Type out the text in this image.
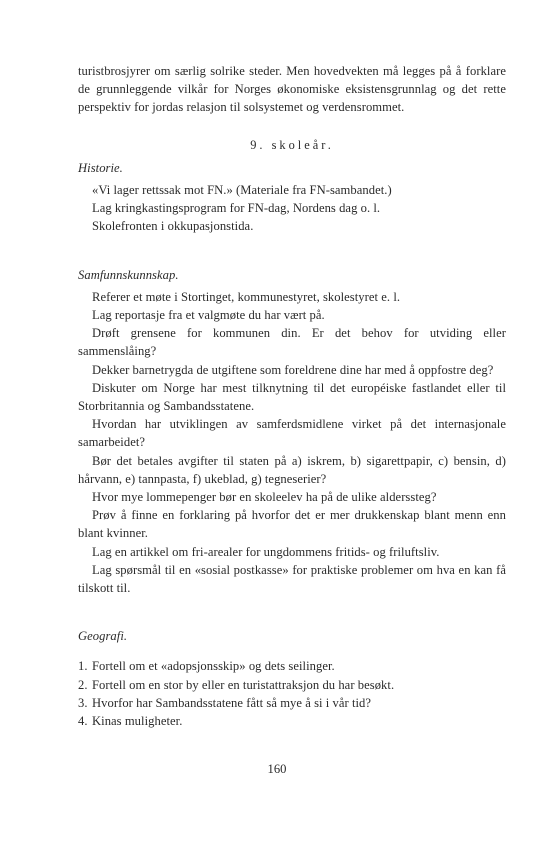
turistbrosjyrer om særlig solrike steder. Men hovedvekten må legges på å forklare de grunnleggende vilkår for Norges økonomiske eksistensgrunnlag og det rette perspektiv for jordas relasjon til solsystemet og verdensrommet.

9. skoleår.
Historie.

«Vi lager rettssak mot FN.» (Materiale fra FN-sambandet.)

Lag kringkastingsprogram for FN-dag, Nordens dag o. l.

Skolefronten i okkupasjonstida.

Samfunnskunnskap.

Referer et møte i Stortinget, kommunestyret, skolestyret e. l.

Lag reportasje fra et valgmøte du har vært på.

Drøft grensene for kommunen din. Er det behov for utviding eller sammenslåing?

Dekker barnetrygda de utgiftene som foreldrene dine har med å oppfostre deg?

Diskuter om Norge har mest tilknytning til det européiske fastlandet eller til Storbritannia og Sambandsstatene.

Hvordan har utviklingen av samferdsmidlene virket på det internasjonale samarbeidet?

Bør det betales avgifter til staten på a) iskrem, b) sigarettpapir, c) bensin, d) hårvann, e) tannpasta, f) ukeblad, g) tegneserier?

Hvor mye lommepenger bør en skoleelev ha på de ulike alderssteg?

Prøv å finne en forklaring på hvorfor det er mer drukkenskap blant menn enn blant kvinner.

Lag en artikkel om fri-arealer for ungdommens fritids- og friluftsliv.

Lag spørsmål til en «sosial postkasse» for praktiske problemer om hva en kan få tilskott til.

Geografi.
1. Fortell om et «adopsjonsskip» og dets seilinger.
2. Fortell om en stor by eller en turistattraksjon du har besøkt.
3. Hvorfor har Sambandsstatene fått så mye å si i vår tid?
4. Kinas muligheter.
160
